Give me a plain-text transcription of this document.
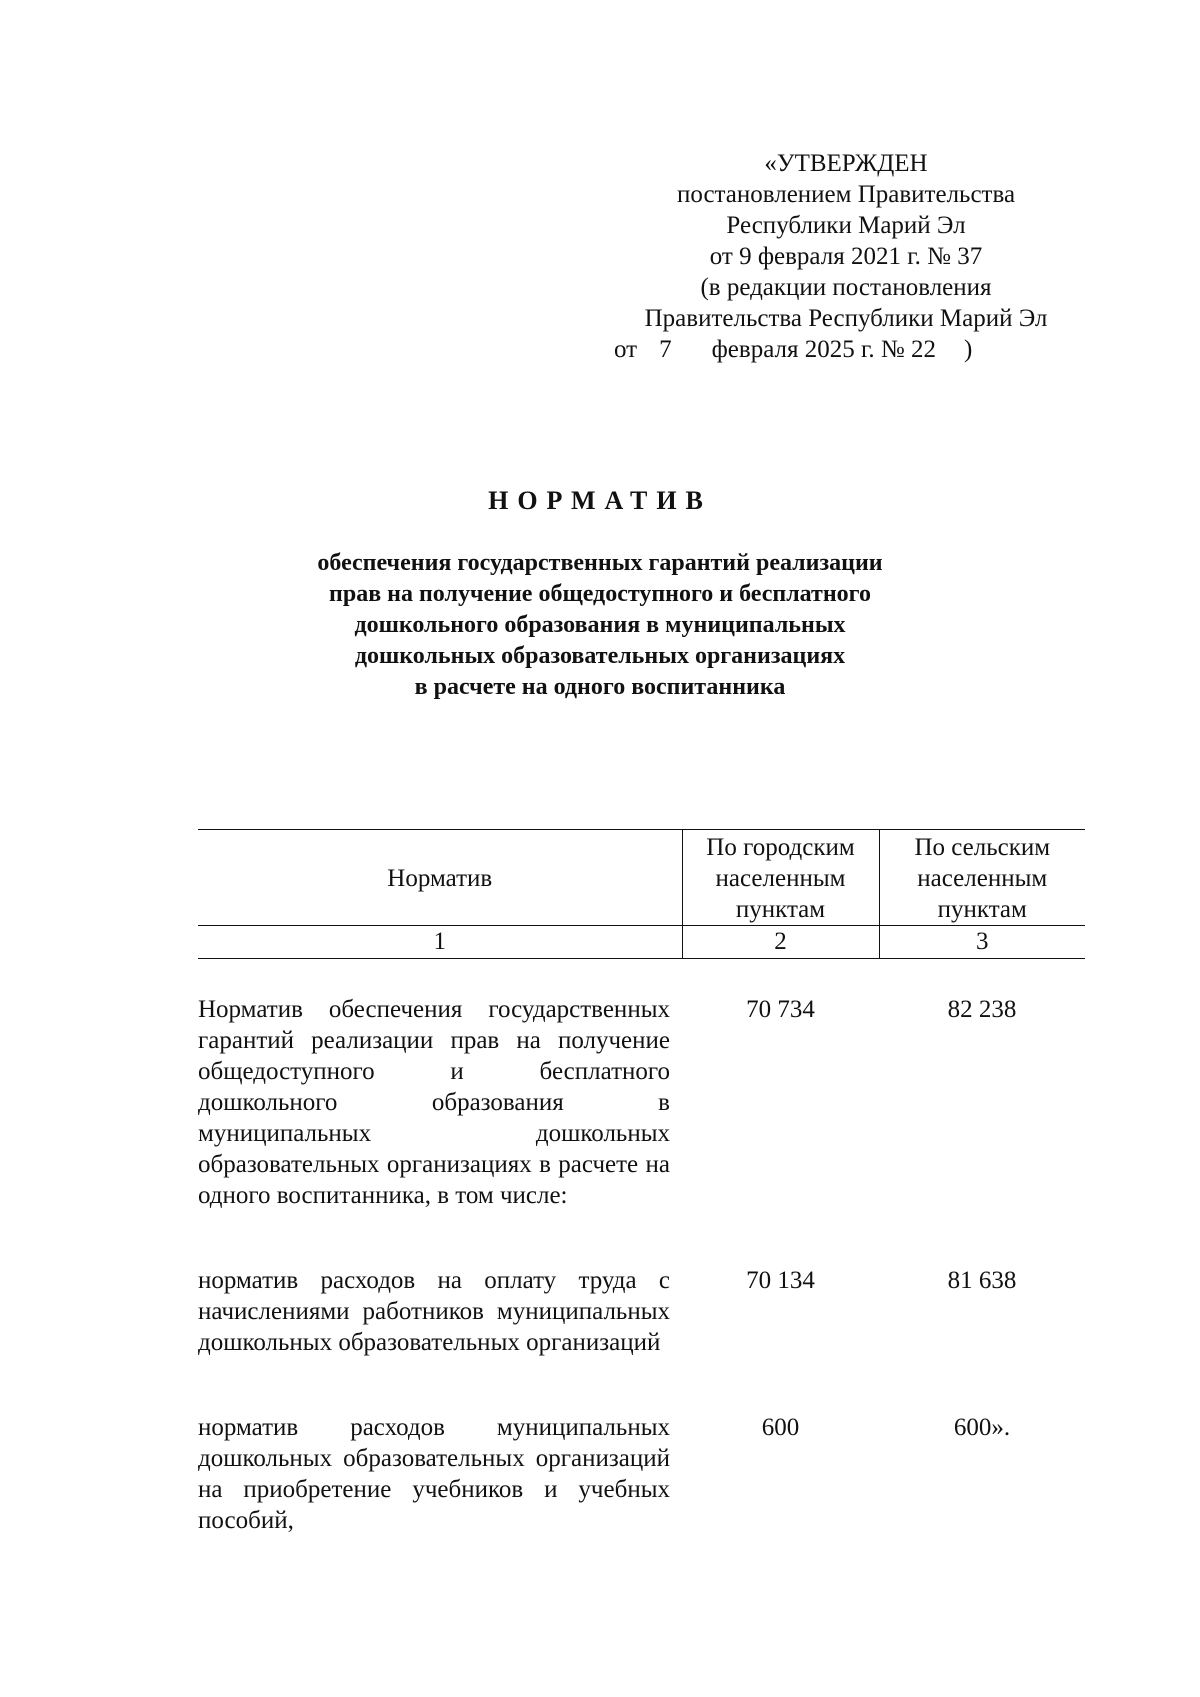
«УТВЕРЖДЕН
постановлением Правительства
Республики Марий Эл
от 9 февраля 2021 г. № 37
(в редакции постановления
Правительства Республики Марий Эл
от 7 февраля 2025 г. № 22 )
НОРМАТИВ
обеспечения государственных гарантий реализации
прав на получение общедоступного и бесплатного
дошкольного образования в муниципальных
дошкольных образовательных организациях
в расчете на одного воспитанника
Норматив	По городским населенным пунктам	По сельским населенным пунктам
1	2	3
Норматив обеспечения государственных гарантий реализации прав на получение общедоступного и бесплатного дошкольного образования в муниципальных дошкольных образовательных организациях в расчете на одного воспитанника, в том числе:	70 734	82 238
норматив расходов на оплату труда с начислениями работников муниципальных дошкольных образовательных организаций	70 134	81 638
норматив расходов муниципальных дошкольных образовательных организаций на приобретение учебников и учебных пособий,	600	600».
